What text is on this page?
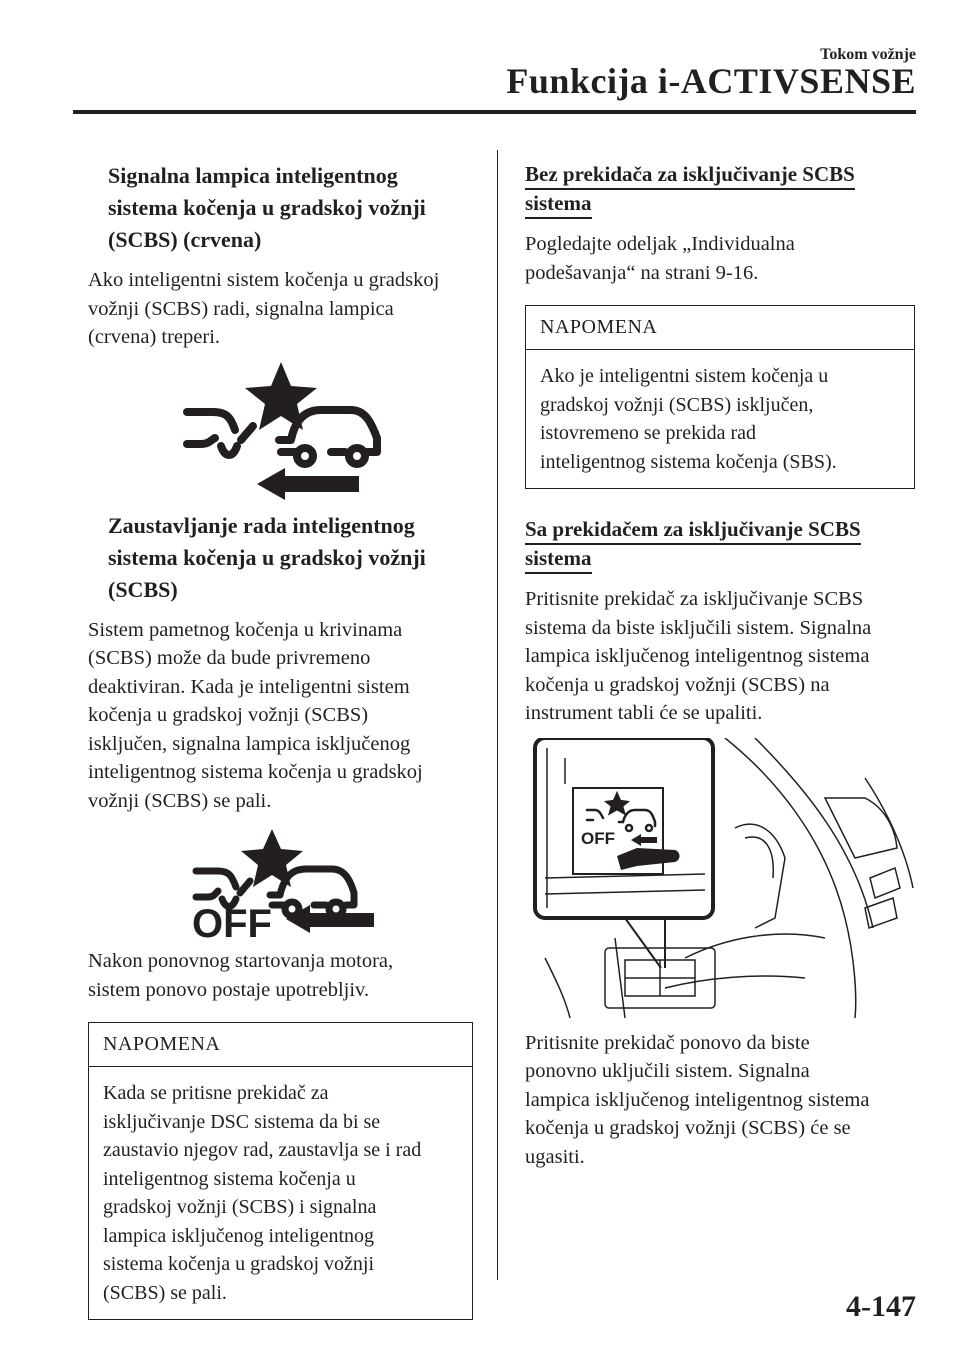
Tokom vožnje
Funkcija i-ACTIVSENSE
Signalna lampica inteligentnog
sistema kočenja u gradskoj vožnji
(SCBS) (crvena)
Ako inteligentni sistem kočenja u gradskoj
vožnji (SCBS) radi, signalna lampica
(crvena) treperi.
Zaustavljanje rada inteligentnog
sistema kočenja u gradskoj vožnji
(SCBS)
Sistem pametnog kočenja u krivinama
(SCBS) može da bude privremeno
deaktiviran. Kada je inteligentni sistem
kočenja u gradskoj vožnji (SCBS)
isključen, signalna lampica isključenog
inteligentnog sistema kočenja u gradskoj
vožnji (SCBS) se pali.
OFF
Nakon ponovnog startovanja motora,
sistem ponovo postaje upotrebljiv.
NAPOMENA
Kada se pritisne prekidač za
isključivanje DSC sistema da bi se
zaustavio njegov rad, zaustavlja se i rad
inteligentnog sistema kočenja u
gradskoj vožnji (SCBS) i signalna
lampica isključenog inteligentnog
sistema kočenja u gradskoj vožnji
(SCBS) se pali.
Bez prekidača za isključivanje SCBS
sistema
Pogledajte odeljak „Individualna
podešavanja“ na strani 9-16.
NAPOMENA
Ako je inteligentni sistem kočenja u
gradskoj vožnji (SCBS) isključen,
istovremeno se prekida rad
inteligentnog sistema kočenja (SBS).
Sa prekidačem za isključivanje SCBS
sistema
Pritisnite prekidač za isključivanje SCBS
sistema da biste isključili sistem. Signalna
lampica isključenog inteligentnog sistema
kočenja u gradskoj vožnji (SCBS) na
instrument tabli će se upaliti.
OFF
Pritisnite prekidač ponovo da biste
ponovno uključili sistem. Signalna
lampica isključenog inteligentnog sistema
kočenja u gradskoj vožnji (SCBS) će se
ugasiti.
4-147
